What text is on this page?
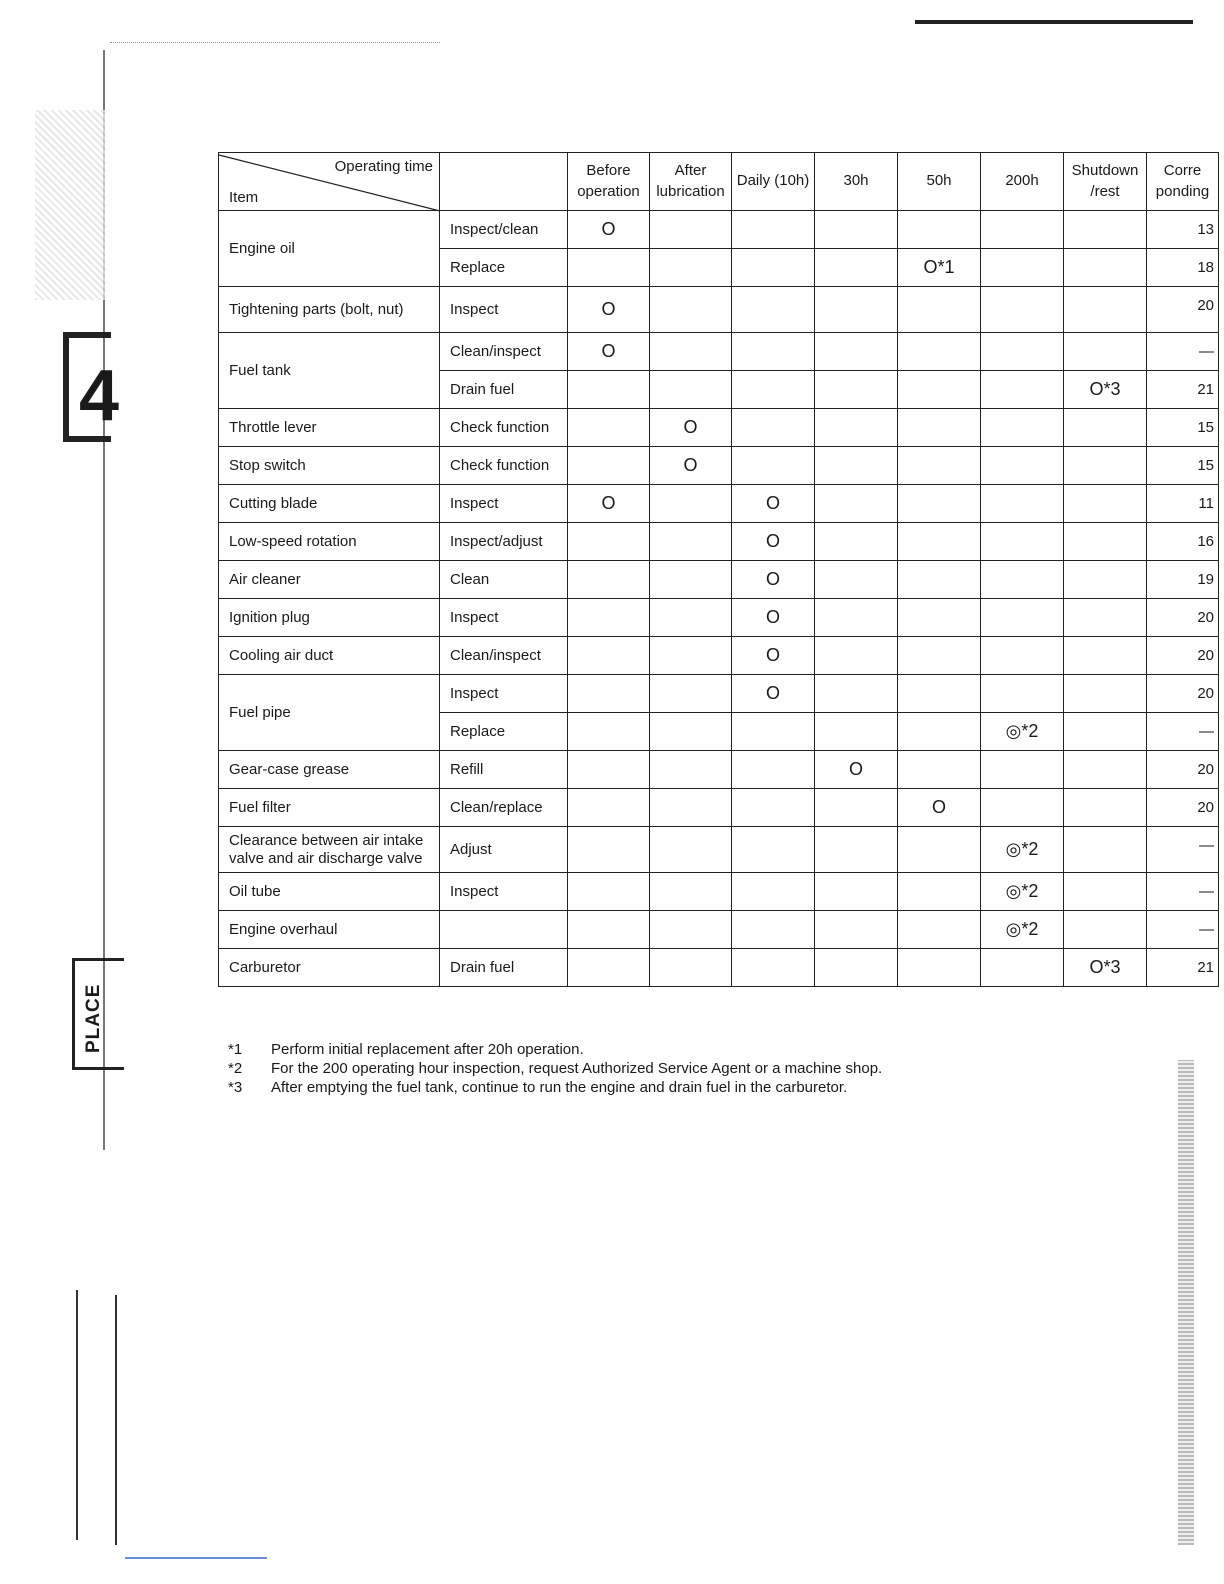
4
PLACE
Operating time
Item		Before operation	After lubrication	Daily (10h)	30h	50h	200h	Shutdown /rest	Corre ponding
Engine oil	Inspect/clean	O							13
	Replace					O*1			18
Tightening parts (bolt, nut)	Inspect	O							20
Fuel tank	Clean/inspect	O							—
	Drain fuel							O*3	21
Throttle lever	Check function		O						15
Stop switch	Check function		O						15
Cutting blade	Inspect	O		O					11
Low-speed rotation	Inspect/adjust			O					16
Air cleaner	Clean			O					19
Ignition plug	Inspect			O					20
Cooling air duct	Clean/inspect			O					20
Fuel pipe	Inspect			O					20
	Replace						◎*2		—
Gear-case grease	Refill				O				20
Fuel filter	Clean/replace					O			20
Clearance between air intake valve and air discharge valve	Adjust						◎*2		—
Oil tube	Inspect						◎*2		—
Engine overhaul							◎*2		—
Carburetor	Drain fuel							O*3	21
*1	Perform initial replacement after 20h operation.
*2	For the 200 operating hour inspection, request Authorized Service Agent or a machine shop.
*3	After emptying the fuel tank, continue to run the engine and drain fuel in the carburetor.
